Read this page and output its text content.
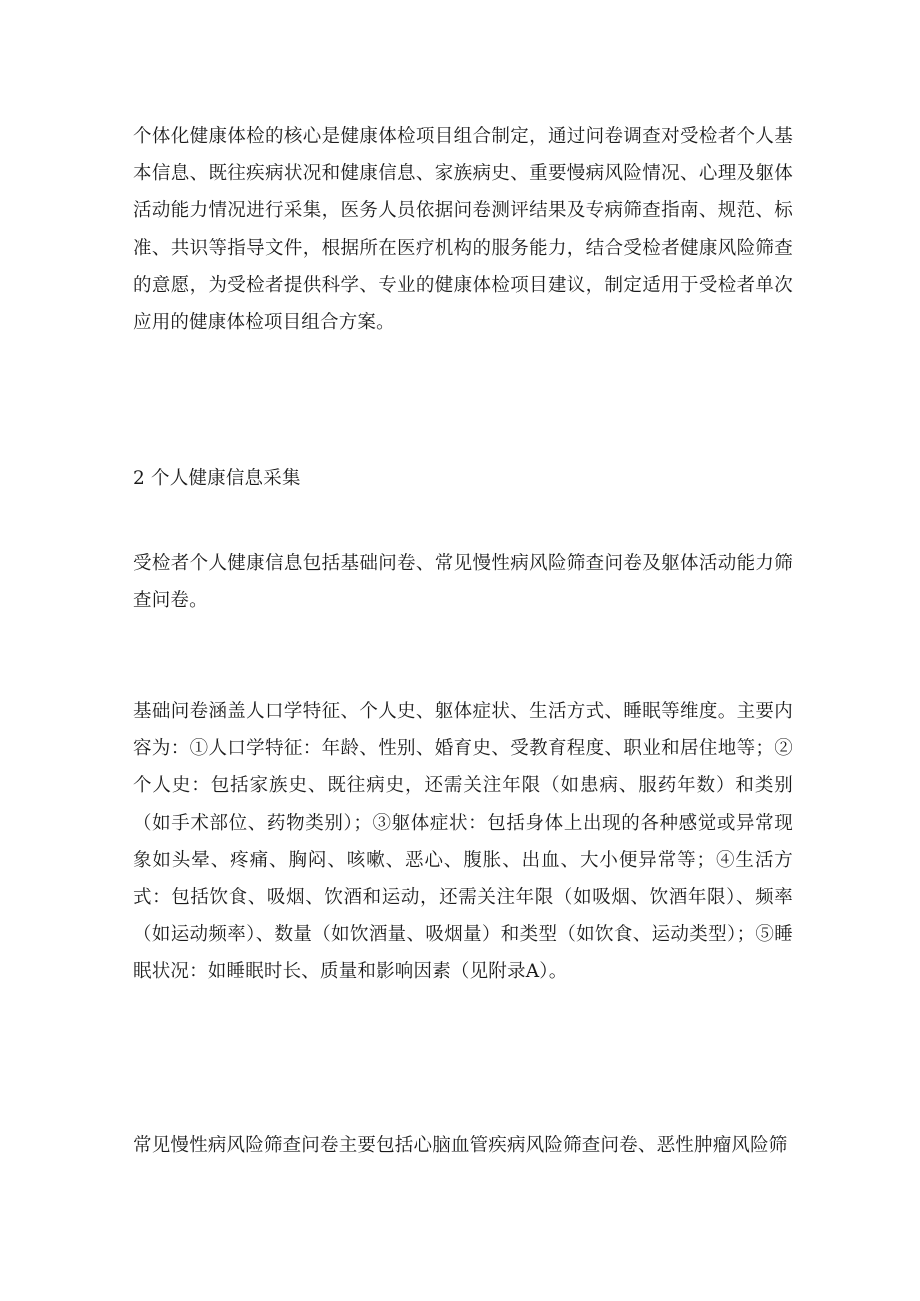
个体化健康体检的核心是健康体检项目组合制定，通过问卷调查对受检者个人基本信息、既往疾病状况和健康信息、家族病史、重要慢病风险情况、心理及躯体活动能力情况进行采集，医务人员依据问卷测评结果及专病筛查指南、规范、标准、共识等指导文件，根据所在医疗机构的服务能力，结合受检者健康风险筛查的意愿，为受检者提供科学、专业的健康体检项目建议，制定适用于受检者单次应用的健康体检项目组合方案。

2 个人健康信息采集

受检者个人健康信息包括基础问卷、常见慢性病风险筛查问卷及躯体活动能力筛查问卷。

基础问卷涵盖人口学特征、个人史、躯体症状、生活方式、睡眠等维度。主要内容为：①人口学特征：年龄、性别、婚育史、受教育程度、职业和居住地等；②个人史：包括家族史、既往病史，还需关注年限（如患病、服药年数）和类别（如手术部位、药物类别）；③躯体症状：包括身体上出现的各种感觉或异常现象如头晕、疼痛、胸闷、咳嗽、恶心、腹胀、出血、大小便异常等；④生活方式：包括饮食、吸烟、饮酒和运动，还需关注年限（如吸烟、饮酒年限）、频率（如运动频率）、数量（如饮酒量、吸烟量）和类型（如饮食、运动类型）；⑤睡眠状况：如睡眠时长、质量和影响因素（见附录A）。

常见慢性病风险筛查问卷主要包括心脑血管疾病风险筛查问卷、恶性肿瘤风险筛
